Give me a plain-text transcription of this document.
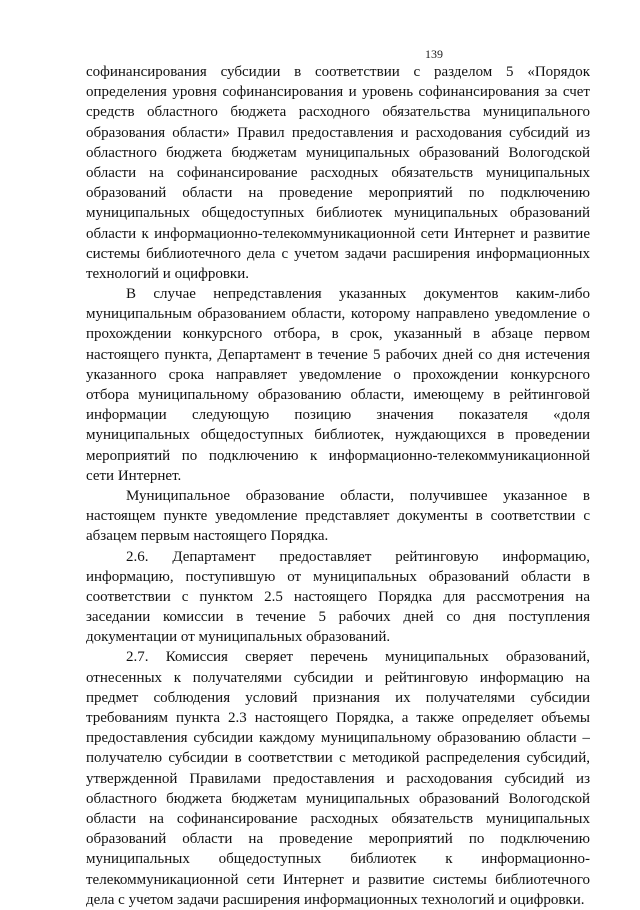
139
софинансирования субсидии в соответствии с разделом 5 «Порядок
определения уровня софинансирования и уровень софинансирования за счет
средств областного бюджета расходного обязательства муниципального
образования области» Правил предоставления и расходования субсидий из
областного бюджета бюджетам муниципальных образований Вологодской
области на софинансирование расходных обязательств муниципальных
образований области на проведение мероприятий по подключению
муниципальных общедоступных библиотек муниципальных образований
области к информационно-телекоммуникационной сети Интернет и развитие
системы библиотечного дела с учетом задачи расширения информационных
технологий и оцифровки.
В случае непредставления указанных документов каким-либо
муниципальным образованием области, которому направлено уведомление о
прохождении конкурсного отбора, в срок, указанный в абзаце первом
настоящего пункта, Департамент в течение 5 рабочих дней со дня истечения
указанного срока направляет уведомление о прохождении конкурсного
отбора муниципальному образованию области, имеющему в рейтинговой
информации следующую позицию значения показателя «доля
муниципальных общедоступных библиотек, нуждающихся в проведении
мероприятий по подключению к информационно-телекоммуникационной
сети Интернет.
Муниципальное образование области, получившее указанное в
настоящем пункте уведомление представляет документы в соответствии с
абзацем первым настоящего Порядка.
2.6. Департамент предоставляет рейтинговую информацию,
информацию, поступившую от муниципальных образований области в
соответствии с пунктом 2.5 настоящего Порядка для рассмотрения на
заседании комиссии в течение 5 рабочих дней со дня поступления
документации от муниципальных образований.
2.7. Комиссия сверяет перечень муниципальных образований,
отнесенных к получателями субсидии и рейтинговую информацию на
предмет соблюдения условий признания их получателями субсидии
требованиям пункта 2.3 настоящего Порядка, а также определяет объемы
предоставления субсидии каждому муниципальному образованию области –
получателю субсидии в соответствии с методикой распределения субсидий,
утвержденной Правилами предоставления и расходования субсидий из
областного бюджета бюджетам муниципальных образований Вологодской
области на софинансирование расходных обязательств муниципальных
образований области на проведение мероприятий по подключению
муниципальных общедоступных библиотек к информационно-
телекоммуникационной сети Интернет и развитие системы библиотечного
дела с учетом задачи расширения информационных технологий и оцифровки.
